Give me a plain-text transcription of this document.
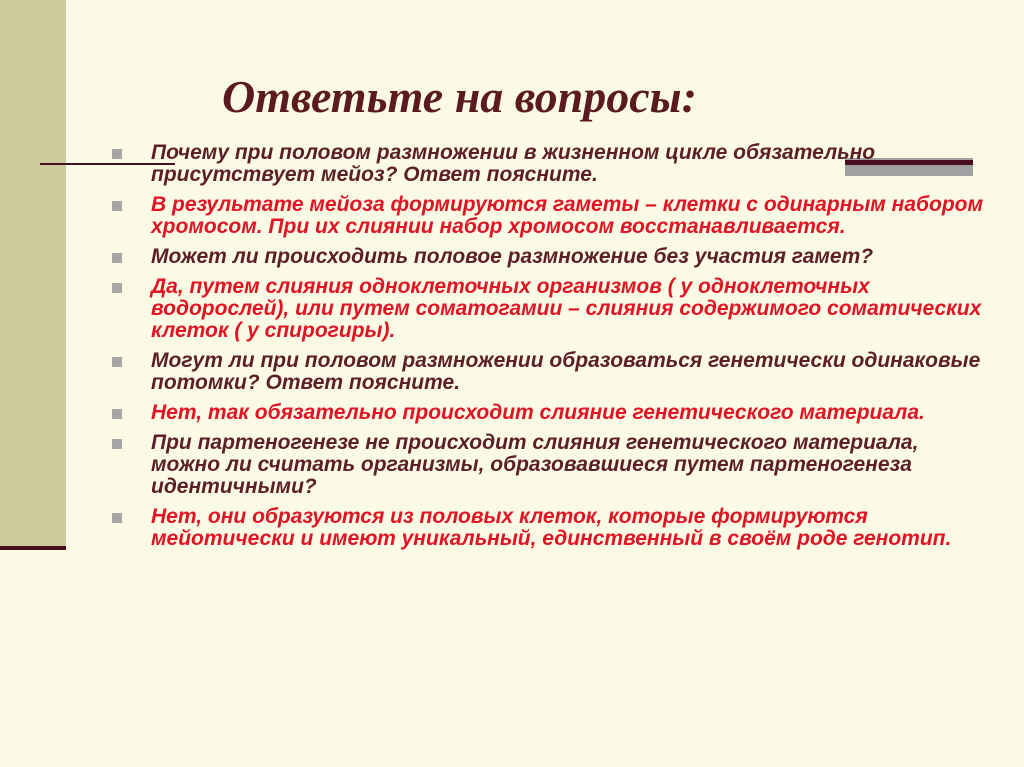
Ответьте на вопросы:
Почему при половом размножении в жизненном цикле обязательно присутствует мейоз? Ответ поясните.
В результате мейоза формируются гаметы – клетки с одинарным набором хромосом. При их слиянии набор хромосом восстанавливается.
Может ли происходить половое размножение без участия гамет?
Да, путем слияния одноклеточных организмов ( у одноклеточных водорослей), или путем соматогамии – слияния содержимого соматических клеток ( у спирогиры).
Могут ли при половом размножении образоваться генетически одинаковые потомки? Ответ поясните.
Нет, так обязательно происходит слияние генетического материала.
При партеногенезе не происходит слияния генетического материала, можно ли считать организмы, образовавшиеся путем партеногенеза идентичными?
Нет, они образуются из половых клеток, которые формируются мейотически и имеют уникальный, единственный в своём роде генотип.
